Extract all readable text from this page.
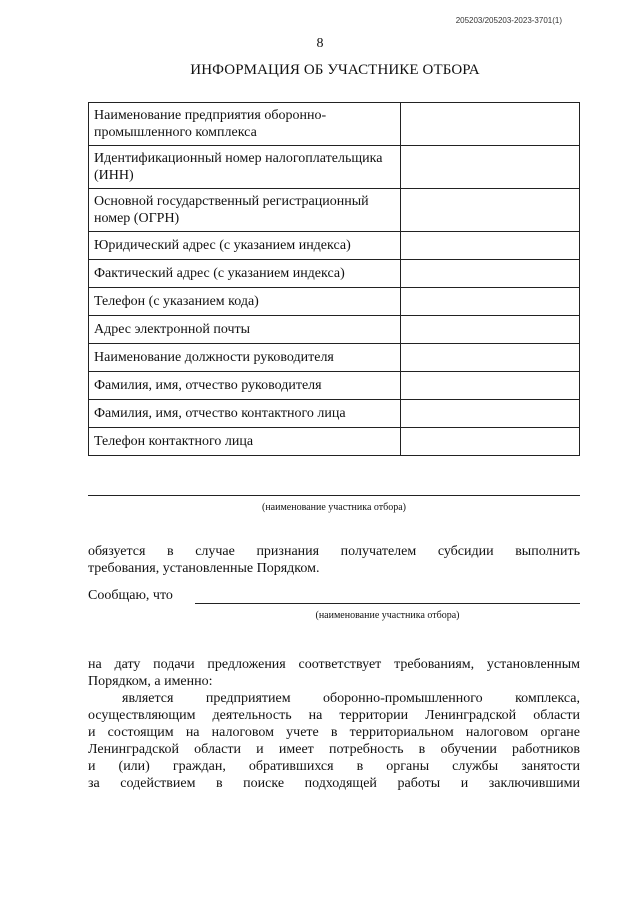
205203/205203-2023-3701(1)
8
ИНФОРМАЦИЯ ОБ УЧАСТНИКЕ ОТБОРА
Наименование предприятия оборонно-промышленного комплекса	
Идентификационный номер налогоплательщика (ИНН)	
Основной государственный регистрационный номер (ОГРН)	
Юридический адрес (с указанием индекса)	
Фактический адрес (с указанием индекса)	
Телефон (с указанием кода)	
Адрес электронной почты	
Наименование должности руководителя	
Фамилия, имя, отчество руководителя	
Фамилия, имя, отчество контактного лица	
Телефон контактного лица	
(наименование участника отбора)
обязуется в случае признания получателем субсидии выполнить
требования, установленные Порядком.
Сообщаю, что
(наименование участника отбора)
на дату подачи предложения соответствует требованиям, установленным
Порядком, а именно:
является предприятием оборонно-промышленного комплекса,
осуществляющим деятельность на территории Ленинградской области
и состоящим на налоговом учете в территориальном налоговом органе
Ленинградской области и имеет потребность в обучении работников
и (или) граждан, обратившихся в органы службы занятости
за содействием в поиске подходящей работы и заключившими
